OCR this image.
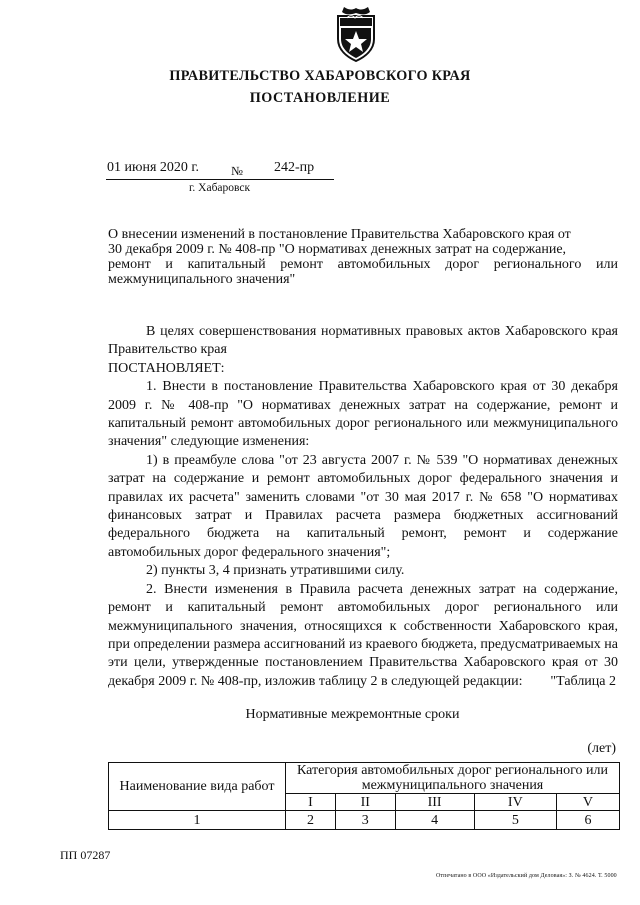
ПРАВИТЕЛЬСТВО ХАБАРОВСКОГО КРАЯ
ПОСТАНОВЛЕНИЕ
01 июня 2020 г.	№ 242-пр
г. Хабаровск
О внесении изменений в постановление Правительства Хабаровского края от
30 декабря 2009 г. № 408-пр "О нормативах денежных затрат на содержание,
ремонт и капитальный ремонт автомобильных дорог регионального или
межмуниципального значения"

В целях совершенствования нормативных правовых актов Хабаровского края Правительство края

ПОСТАНОВЛЯЕТ:

1. Внести в постановление Правительства Хабаровского края от 30 декабря 2009 г. № 408-пр "О нормативах денежных затрат на содержание, ремонт и капитальный ремонт автомобильных дорог регионального или межмуниципального значения" следующие изменения:

1) в преамбуле слова "от 23 августа 2007 г. № 539 "О нормативах денежных затрат на содержание и ремонт автомобильных дорог федерального значения и правилах их расчета" заменить словами "от 30 мая 2017 г. № 658 "О нормативах финансовых затрат и Правилах расчета размера бюджетных ассигнований федерального бюджета на капитальный ремонт, ремонт и содержание автомобильных дорог федерального значения";

2) пункты 3, 4 признать утратившими силу.

2. Внести изменения в Правила расчета денежных затрат на содержание, ремонт и капитальный ремонт автомобильных дорог регионального или межмуниципального значения, относящихся к собственности Хабаровского края, при определении размера ассигнований из краевого бюджета, предусматриваемых на эти цели, утвержденные постановлением Правительства Хабаровского края от 30 декабря 2009 г. № 408-пр, изложив таблицу 2 в следующей редакции:	"Таблица 2
Нормативные межремонтные сроки
(лет)
Наименование вида работ	Категория автомобильных дорог регионального или межмуниципального значения				
	I	II	III	IV	V
1	2	3	4	5	6
ПП 07287
Отпечатано в ООО «Издательский дом Деловая»: З. № 4624. Т. 5000
